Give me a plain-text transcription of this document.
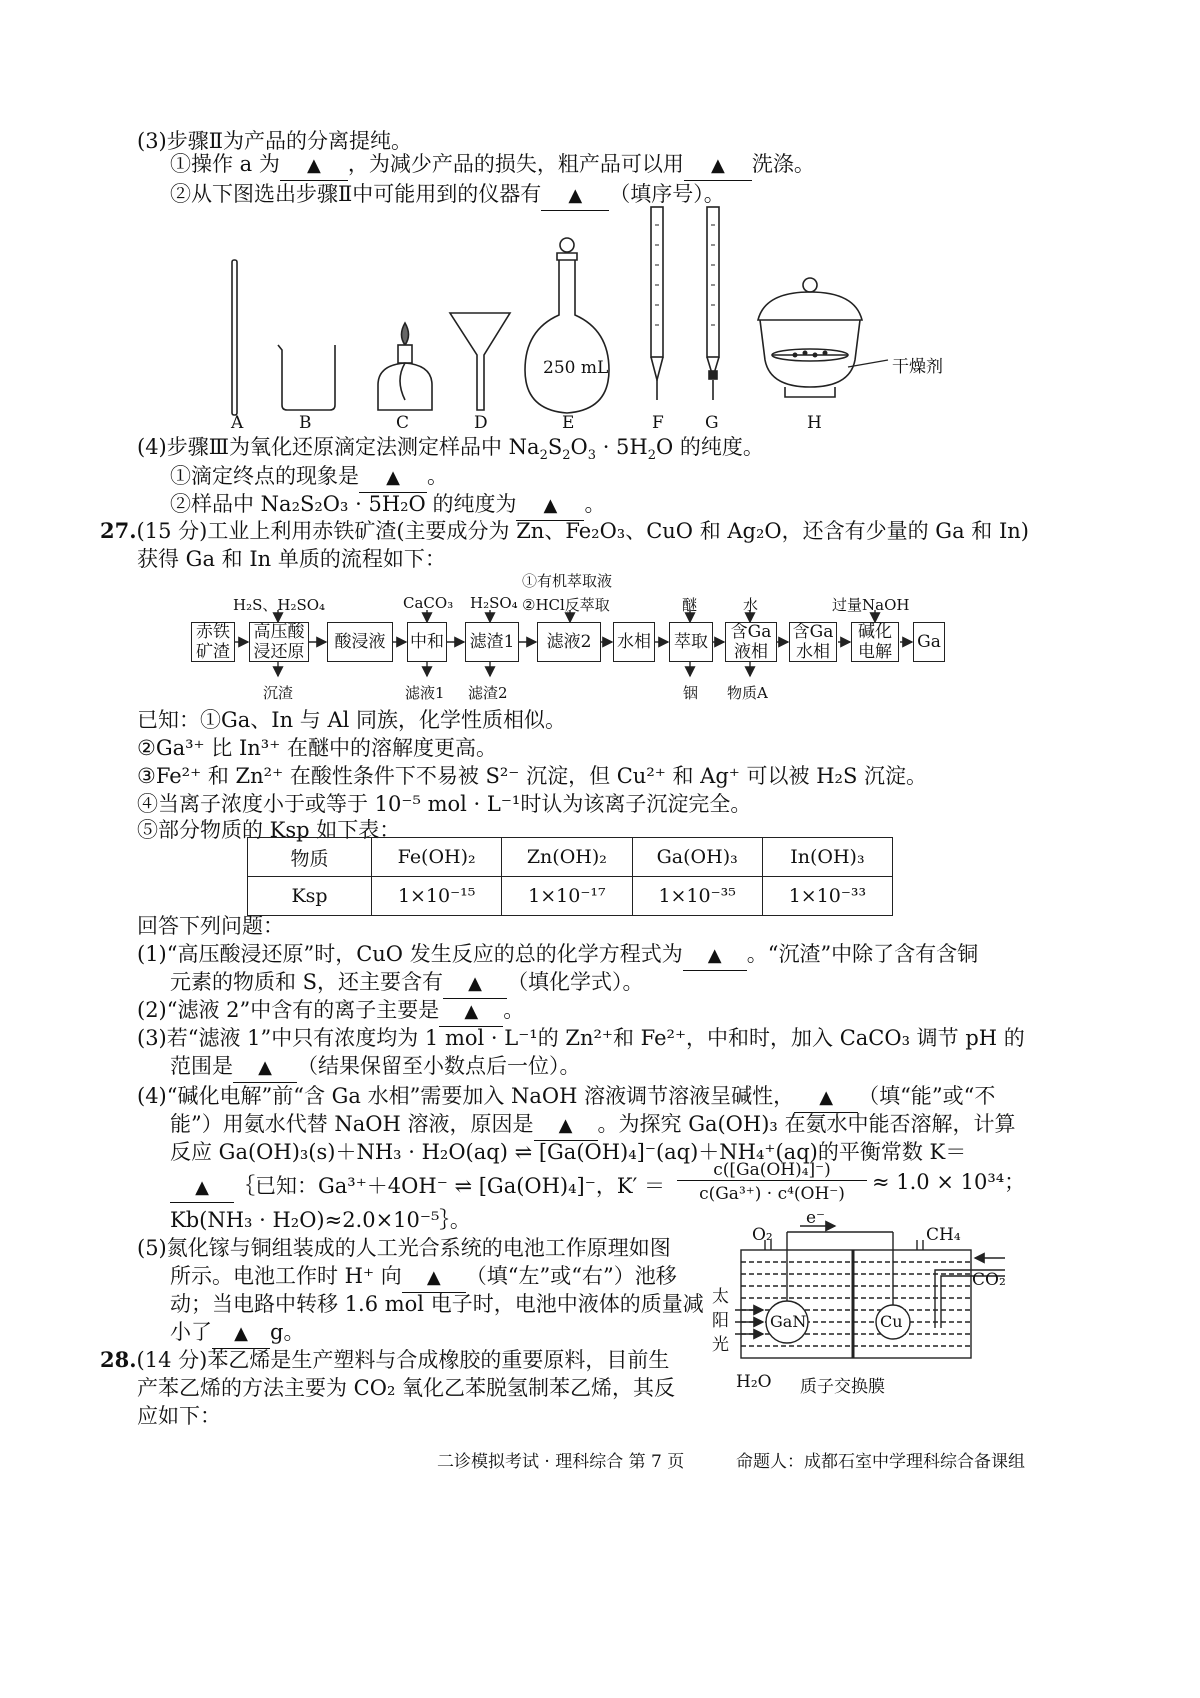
(3)步骤Ⅱ为产品的分离提纯。
①操作 a 为 ▲ ，为减少产品的损失，粗产品可以用 ▲ 洗涤。
②从下图选出步骤Ⅱ中可能用到的仪器有 ▲ （填序号）。
250 mL	干燥剂
A	B	C	D	E	F G	H
(4)步骤Ⅲ为氧化还原滴定法测定样品中 $Na_2S_2O_3 \cdot 5H_2O$ 的纯度。
①滴定终点的现象是 ▲ 。
②样品中 Na₂S₂O₃ · 5H₂O 的纯度为 ▲ 。
27.(15 分)工业上利用赤铁矿渣(主要成分为 Zn、Fe₂O₃、CuO 和 Ag₂O，还含有少量的 Ga 和 In)
获得 Ga 和 In 单质的流程如下：
赤铁矿渣
高压酸浸还原	酸浸液	中和 滤渣1	滤液2	水相 萃取	含Ga液相
含Ga水相
碱化电解	Ga
H₂S、H₂SO₄	CaCO₃ H₂SO₄
①有机萃取液
②HCl反萃取	醚	水	过量NaOH
沉渣	滤液1 滤渣2	铟 物质A
已知：①Ga、In 与 Al 同族，化学性质相似。
②Ga³⁺ 比 In³⁺ 在醚中的溶解度更高。
③Fe²⁺ 和 Zn²⁺ 在酸性条件下不易被 S²⁻ 沉淀，但 Cu²⁺ 和 Ag⁺ 可以被 H₂S 沉淀。
④当离子浓度小于或等于 10⁻⁵ mol · L⁻¹时认为该离子沉淀完全。
⑤部分物质的 Ksp 如下表：
物质	Fe(OH)₂	Zn(OH)₂	Ga(OH)₃	In(OH)₃
Ksp	1×10⁻¹⁵	1×10⁻¹⁷	1×10⁻³⁵	1×10⁻³³
回答下列问题：
(1)“高压酸浸还原”时，CuO 发生反应的总的化学方程式为 ▲ 。“沉渣”中除了含有含铜
元素的物质和 S，还主要含有 ▲ （填化学式）。
(2)“滤液 2”中含有的离子主要是 ▲ 。
(3)若“滤液 1”中只有浓度均为 1 mol · L⁻¹的 Zn²⁺和 Fe²⁺，中和时，加入 CaCO₃ 调节 pH 的
范围是 ▲ （结果保留至小数点后一位）。
(4)“碱化电解”前“含 Ga 水相”需要加入 NaOH 溶液调节溶液呈碱性， ▲ （填“能”或“不
能”）用氨水代替 NaOH 溶液，原因是 ▲ 。为探究 Ga(OH)₃ 在氨水中能否溶解，计算
反应 Ga(OH)₃(s)＋NH₃ · H₂O(aq) ⇌ [Ga(OH)₄]⁻(aq)＋NH₄⁺(aq)的平衡常数 K＝
▲ ｛已知：Ga³⁺＋4OH⁻ ⇌ [Ga(OH)₄]⁻，K′ ＝
c([Ga(OH)₄]⁻)
c(Ga³⁺) · c⁴(OH⁻)	≈ 1.0 × 10³⁴；
Kb(NH₃ · H₂O)≈2.0×10⁻⁵｝。
(5)氮化镓与铜组装成的人工光合系统的电池工作原理如图
所示。电池工作时 H⁺ 向 ▲ （填“左”或“右”）池移
动；当电路中转移 1.6 mol 电子时，电池中液体的质量减
小了 ▲ g。
O₂
e⁻
CH₄
CO₂
太
阳
光
GaN	Cu
H₂O 质子交换膜
28.(14 分)苯乙烯是生产塑料与合成橡胶的重要原料，目前生
产苯乙烯的方法主要为 CO₂ 氧化乙苯脱氢制苯乙烯，其反
应如下：
二诊模拟考试 · 理科综合 第 7 页	命题人：成都石室中学理科综合备课组
